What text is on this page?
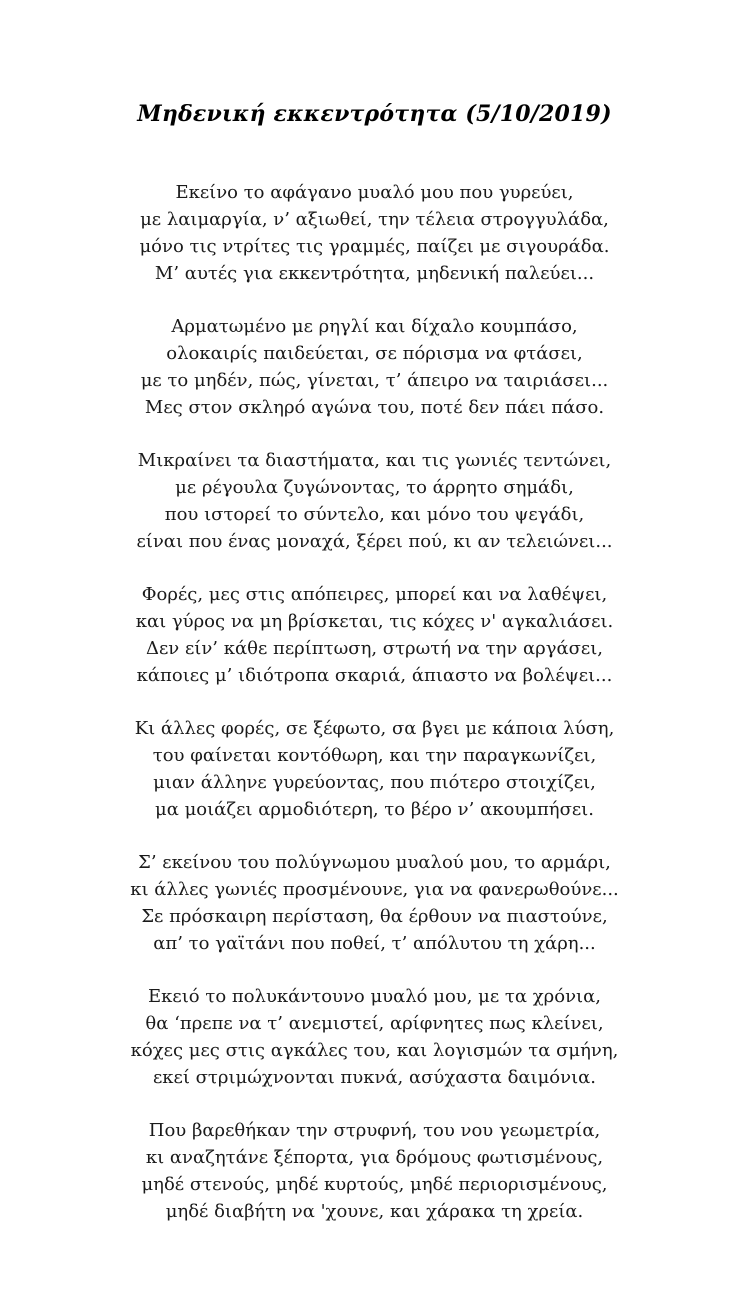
Μηδενική εκκεντρότητα (5/10/2019)
Εκείνο το αφάγανο μυαλό μου που γυρεύει,
με λαιμαργία, ν’ αξιωθεί, την τέλεια στρογγυλάδα,
μόνο τις ντρίτες τις γραμμές, παίζει με σιγουράδα.
Μ’ αυτές για εκκεντρότητα, μηδενική παλεύει...
Αρματωμένο με ρηγλί και δίχαλο κουμπάσο,
ολοκαιρίς παιδεύεται, σε πόρισμα να φτάσει,
με το μηδέν, πώς, γίνεται, τ’ άπειρο να ταιριάσει...
Μες στον σκληρό αγώνα του, ποτέ δεν πάει πάσο.
Μικραίνει τα διαστήματα, και τις γωνιές τεντώνει,
με ρέγουλα ζυγώνοντας, το άρρητο σημάδι,
που ιστορεί το σύντελο, και μόνο του ψεγάδι,
είναι που ένας μοναχά, ξέρει πού, κι αν τελειώνει...
Φορές, μες στις απόπειρες, μπορεί και να λαθέψει,
και γύρος να μη βρίσκεται, τις κόχες ν' αγκαλιάσει.
Δεν είν’ κάθε περίπτωση, στρωτή να την αργάσει,
κάποιες μ’ ιδιότροπα σκαριά, άπιαστο να βολέψει...
Κι άλλες φορές, σε ξέφωτο, σα βγει με κάποια λύση,
του φαίνεται κοντόθωρη, και την παραγκωνίζει,
μιαν άλληνε γυρεύοντας, που πιότερο στοιχίζει,
μα μοιάζει αρμοδιότερη, το βέρο ν’ ακουμπήσει.
Σ’ εκείνου του πολύγνωμου μυαλού μου, το αρμάρι,
κι άλλες γωνιές προσμένουνε, για να φανερωθούνε...
Σε πρόσκαιρη περίσταση, θα έρθουν να πιαστούνε,
απ’ το γαϊτάνι που ποθεί, τ’ απόλυτου τη χάρη...
Εκειό το πολυκάντουνο μυαλό μου, με τα χρόνια,
θα ‘πρεπε να τ’ ανεμιστεί, αρίφνητες πως κλείνει,
κόχες μες στις αγκάλες του, και λογισμών τα σμήνη,
εκεί στριμώχνονται πυκνά, ασύχαστα δαιμόνια.
Που βαρεθήκαν την στρυφνή, του νου γεωμετρία,
κι αναζητάνε ξέπορτα, για δρόμους φωτισμένους,
μηδέ στενούς, μηδέ κυρτούς, μηδέ περιορισμένους,
μηδέ διαβήτη να 'χουνε, και χάρακα τη χρεία.
